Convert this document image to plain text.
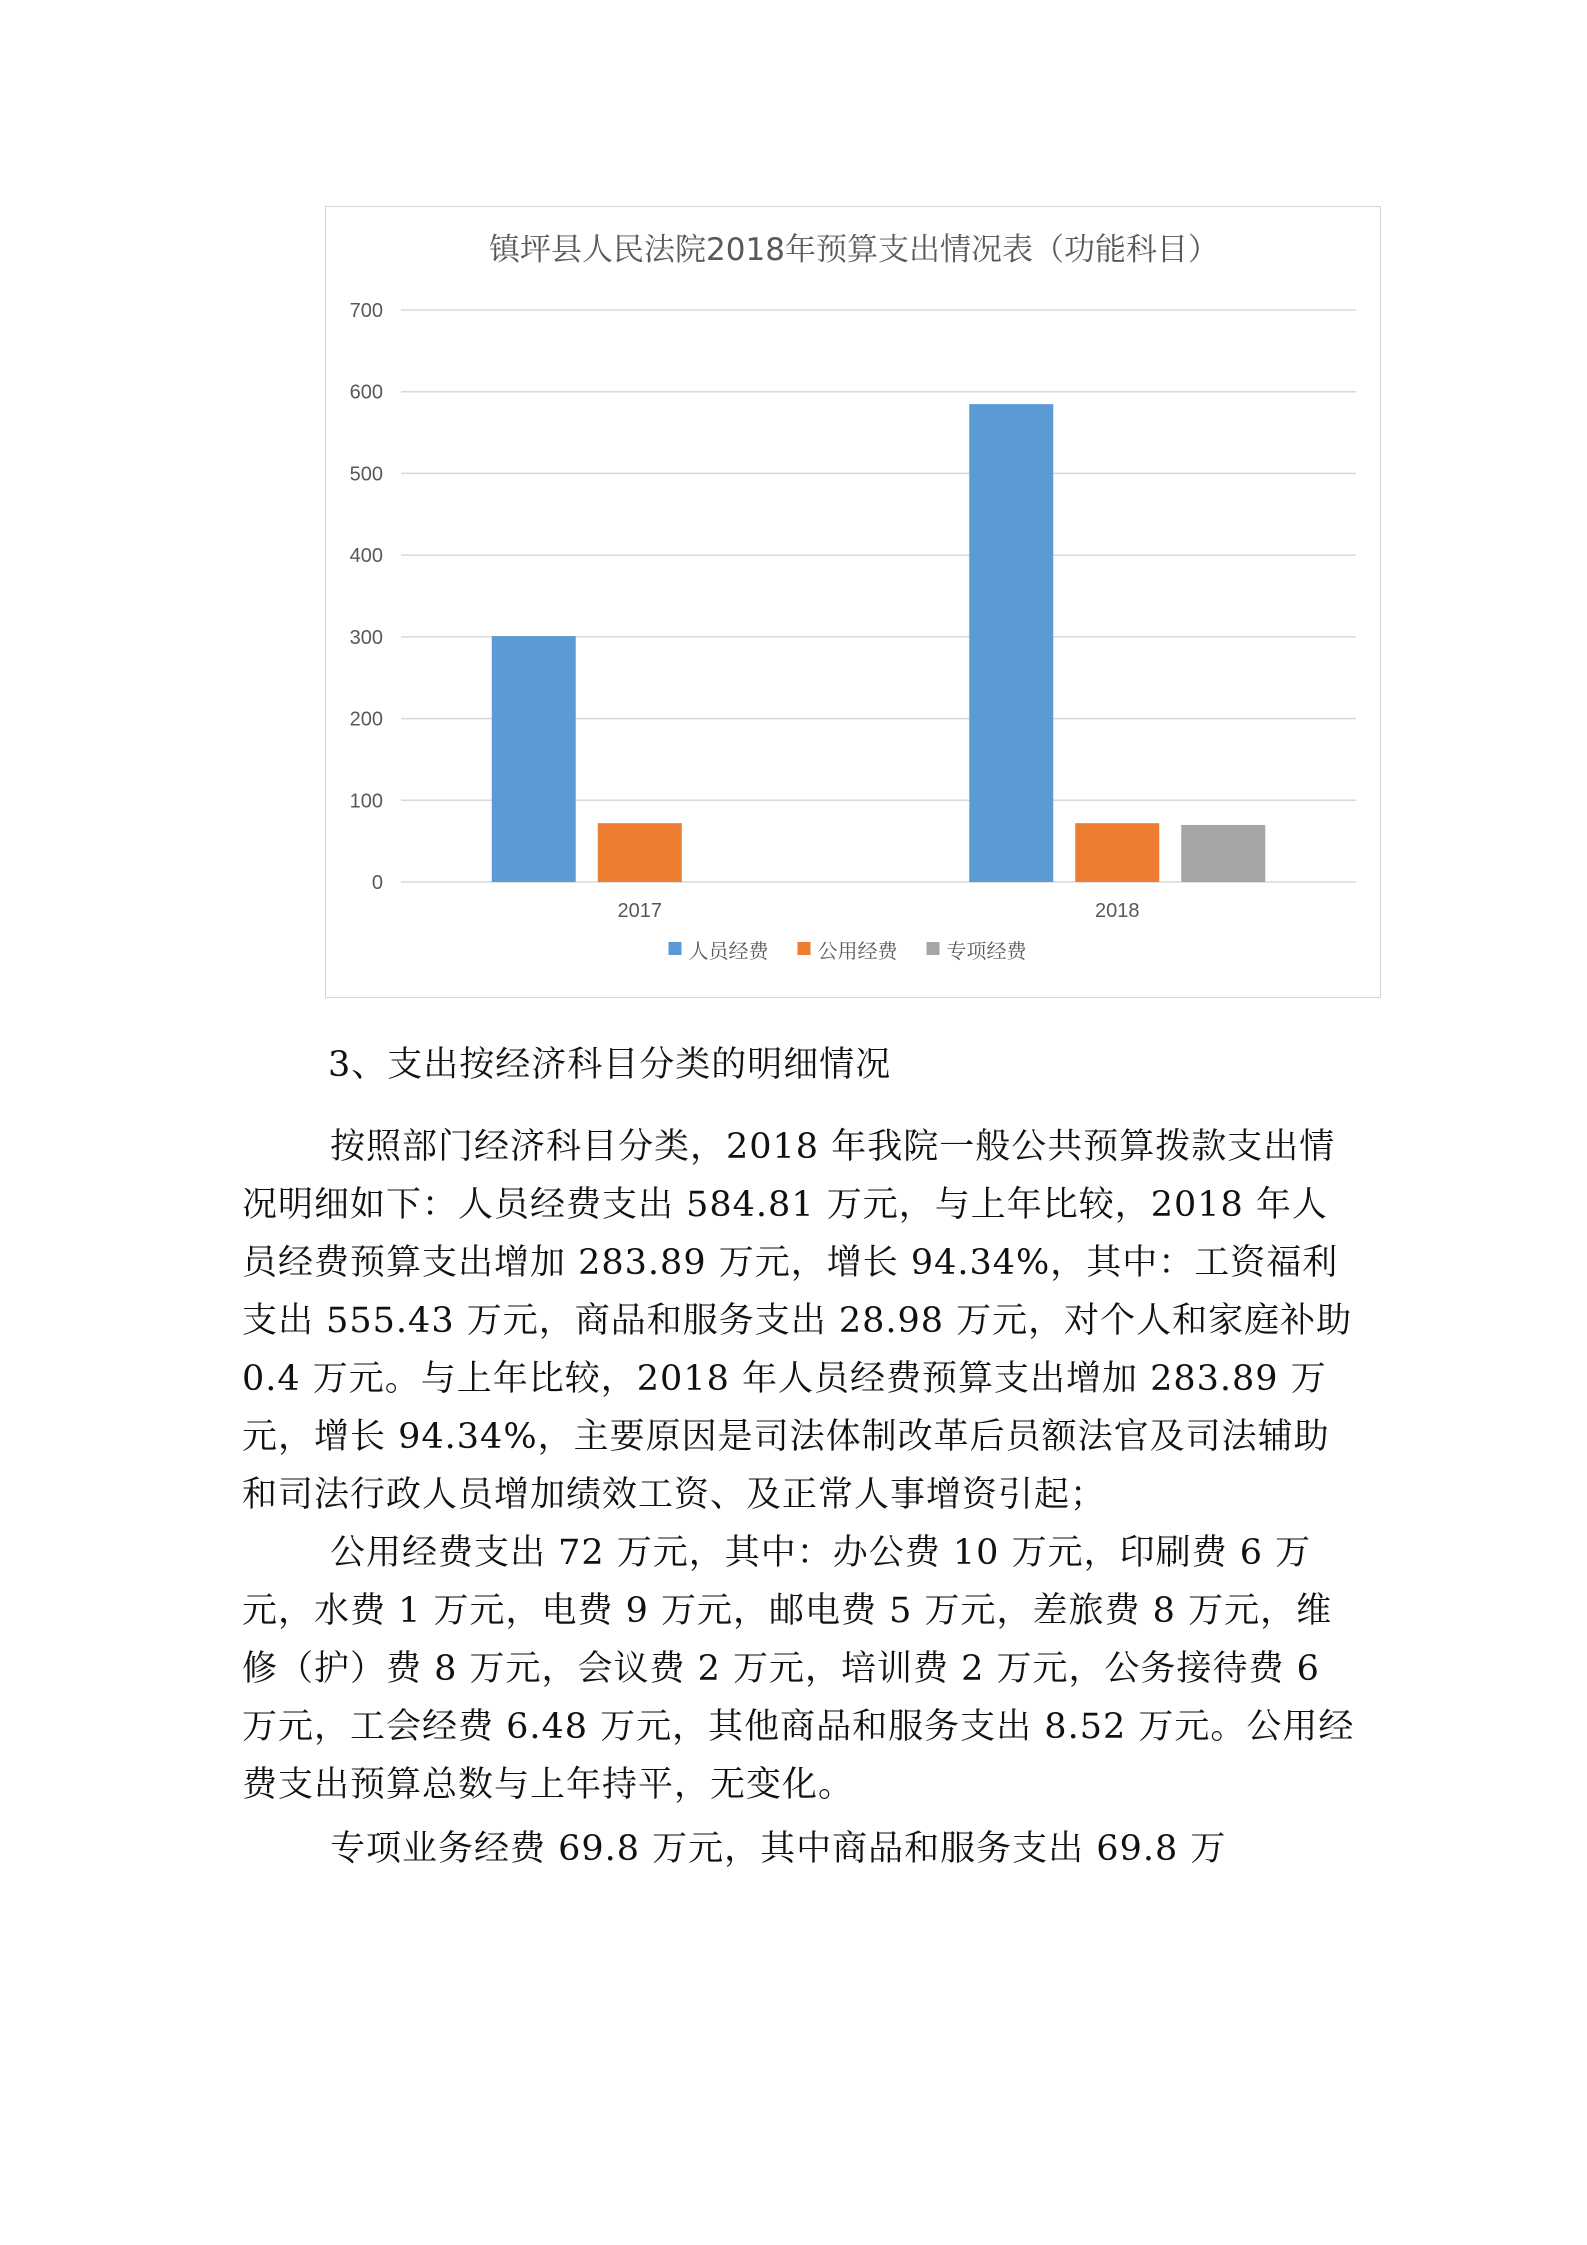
镇坪县人民法院2018年预算支出情况表（功能科目）
0
100
200
300
400
500
600
700
2017	2018
人员经费 公用经费 专项经费
3、支出按经济科目分类的明细情况

按照部门经济科目分类，2018 年我院一般公共预算拨款支出情况明细如下：人员经费支出 584.81 万元，与上年比较，2018 年人员经费预算支出增加 283.89 万元，增长 94.34%，其中：工资福利支出 555.43 万元，商品和服务支出 28.98 万元，对个人和家庭补助 0.4 万元。与上年比较，2018 年人员经费预算支出增加 283.89 万元，增长 94.34%，主要原因是司法体制改革后员额法官及司法辅助和司法行政人员增加绩效工资、及正常人事增资引起；

公用经费支出 72 万元，其中：办公费 10 万元，印刷费 6 万元，水费 1 万元，电费 9 万元，邮电费 5 万元，差旅费 8 万元，维修（护）费 8 万元，会议费 2 万元，培训费 2 万元，公务接待费 6 万元，工会经费 6.48 万元，其他商品和服务支出 8.52 万元。公用经费支出预算总数与上年持平，无变化。

专项业务经费 69.8 万元，其中商品和服务支出 69.8 万
